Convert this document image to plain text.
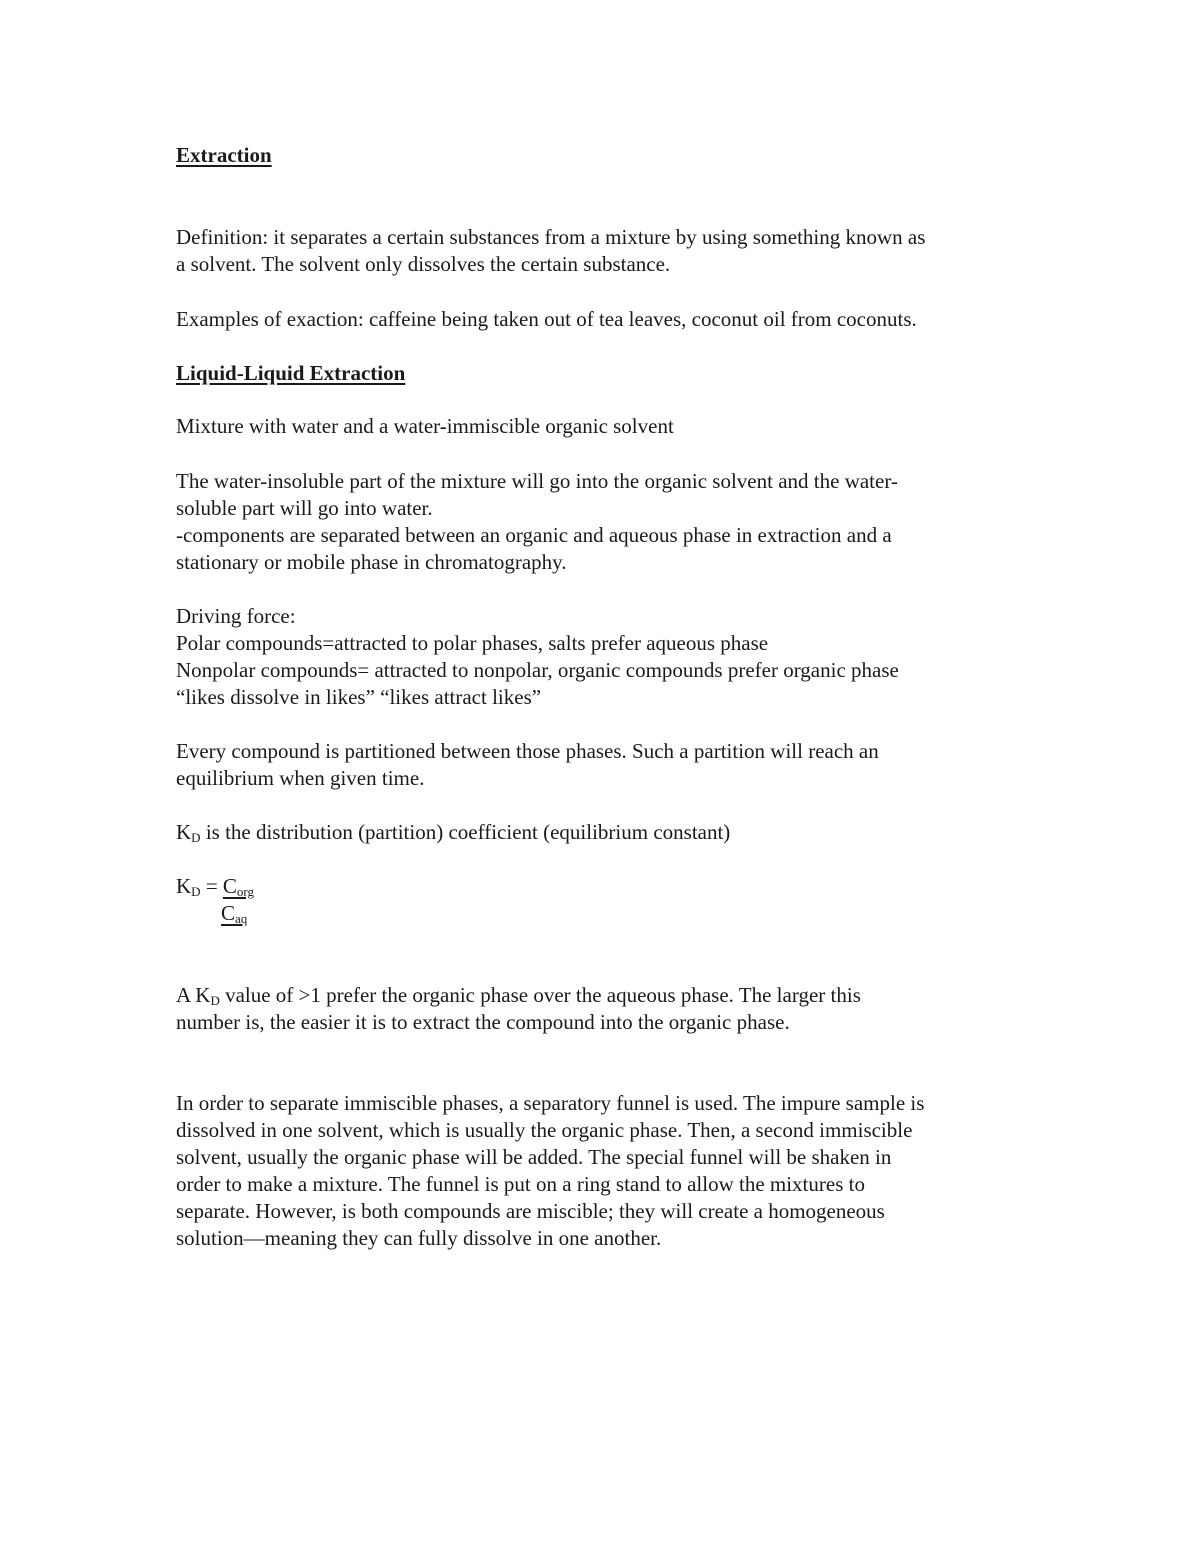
Extraction
Definition: it separates a certain substances from a mixture by using something known as
a solvent. The solvent only dissolves the certain substance.
Examples of exaction: caffeine being taken out of tea leaves, coconut oil from coconuts.
Liquid-Liquid Extraction
Mixture with water and a water-immiscible organic solvent
The water-insoluble part of the mixture will go into the organic solvent and the water-
soluble part will go into water.
-components are separated between an organic and aqueous phase in extraction and a
stationary or mobile phase in chromatography.
Driving force:
Polar compounds=attracted to polar phases, salts prefer aqueous phase
Nonpolar compounds= attracted to nonpolar, organic compounds prefer organic phase
“likes dissolve in likes” “likes attract likes”
Every compound is partitioned between those phases. Such a partition will reach an
equilibrium when given time.
$K_D$ is the distribution (partition) coefficient (equilibrium constant)
$K_D = C_{org}$
$C_{aq}$
A $K_D$ value of >1 prefer the organic phase over the aqueous phase. The larger this
number is, the easier it is to extract the compound into the organic phase.
In order to separate immiscible phases, a separatory funnel is used. The impure sample is
dissolved in one solvent, which is usually the organic phase. Then, a second immiscible
solvent, usually the organic phase will be added. The special funnel will be shaken in
order to make a mixture. The funnel is put on a ring stand to allow the mixtures to
separate. However, is both compounds are miscible; they will create a homogeneous
solution—meaning they can fully dissolve in one another.
